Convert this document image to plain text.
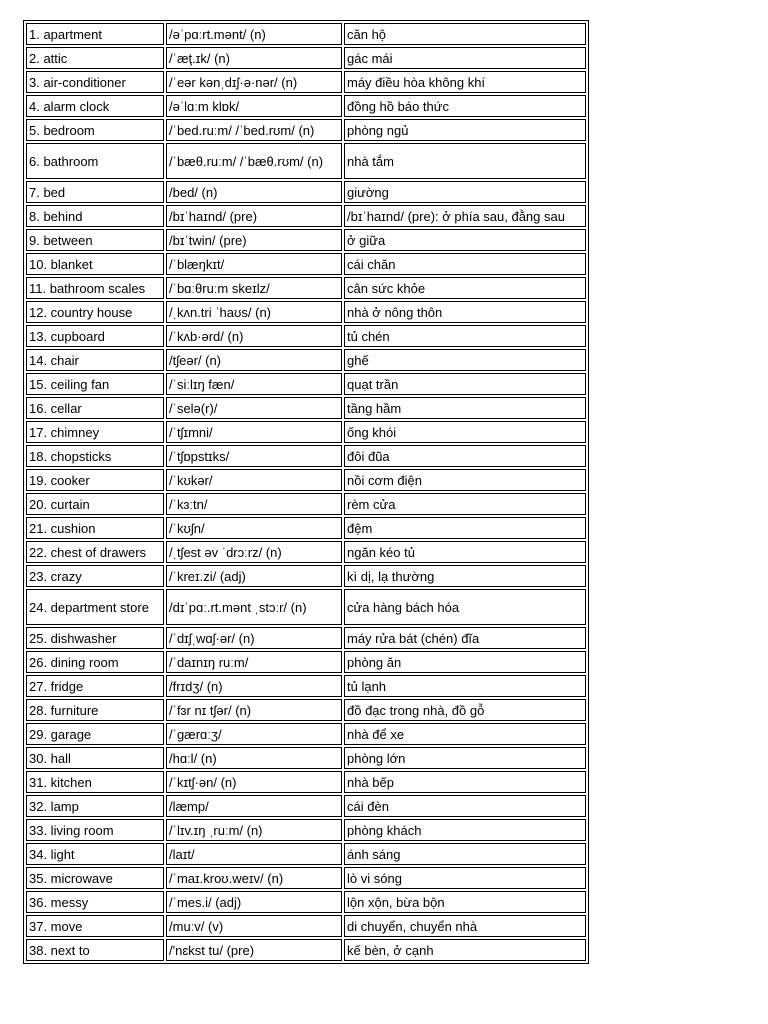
1. apartment	/əˈpɑːrt.mənt/ (n)	căn hộ
2. attic	/ˈæţ.ɪk/ (n)	gác mái
3. air-conditioner	/ˈeər kənˌdɪʃ·ə·nər/ (n)	máy điều hòa không khí
4. alarm clock	/əˈlɑːm klɒk/	đồng hồ báo thức
5. bedroom	/ˈbed.ruːm/ /ˈbed.rʊm/ (n)	phòng ngủ
6. bathroom	/ˈbæθ.ruːm/ /ˈbæθ.rʊm/ (n)	nhà tắm
7. bed	/bed/ (n)	giường
8. behind	/bɪˈhaɪnd/ (pre)	/bɪˈhaɪnd/ (pre): ở phía sau, đằng sau
9. between	/bɪˈtwin/ (pre)	ở giữa
10. blanket	/ˈblæŋkɪt/	cái chăn
11. bathroom scales	/ˈbɑːθruːm skeɪlz/	cân sức khỏe
12. country house	/ˌkʌn.tri ˈhaʊs/ (n)	nhà ở nông thôn
13. cupboard	/ˈkʌb·ərd/ (n)	tủ chén
14. chair	/tʃeər/ (n)	ghế
15. ceiling fan	/ˈsiːlɪŋ fæn/	quạt trần
16. cellar	/ˈselə(r)/	tầng hầm
17. chimney	/ˈtʃɪmni/	ống khói
18. chopsticks	/ˈtʃɒpstɪks/	đôi đũa
19. cooker	/ˈkʊkər/	nồi cơm điện
20. curtain	/ˈkɜːtn/	rèm cửa
21. cushion	/ˈkʊʃn/	đệm
22. chest of drawers	/ˌtʃest əv ˈdrɔːrz/ (n)	ngăn kéo tủ
23. crazy	/ˈkreɪ.zi/ (adj)	kì dị, lạ thường
24. department store	/dɪˈpɑː.rt.mənt ˌstɔːr/ (n)	cửa hàng bách hóa
25. dishwasher	/ˈdɪʃˌwɑʃ·ər/ (n)	máy rửa bát (chén) đĩa
26. dining room	/ˈdaɪnɪŋ ruːm/	phòng ăn
27. fridge	/frɪdʒ/ (n)	tủ lạnh
28. furniture	/ˈfɜr nɪ tʃər/ (n)	đồ đạc trong nhà, đồ gỗ
29. garage	/ˈgærɑːʒ/	nhà để xe
30. hall	/hɑːl/ (n)	phòng lớn
31. kitchen	/ˈkɪtʃ·ən/ (n)	nhà bếp
32. lamp	/læmp/	cái đèn
33. living room	/ˈlɪv.ɪŋ ˌruːm/ (n)	phòng khách
34. light	/laɪt/	ánh sáng
35. microwave	/ˈmaɪ.kroʊ.weɪv/ (n)	lò vi sóng
36. messy	/ˈmes.i/ (adj)	lộn xộn, bừa bộn
37. move	/muːv/ (v)	di chuyển, chuyển nhà
38. next to	/'nɛkst tu/ (pre)	kế bèn, ở cạnh
